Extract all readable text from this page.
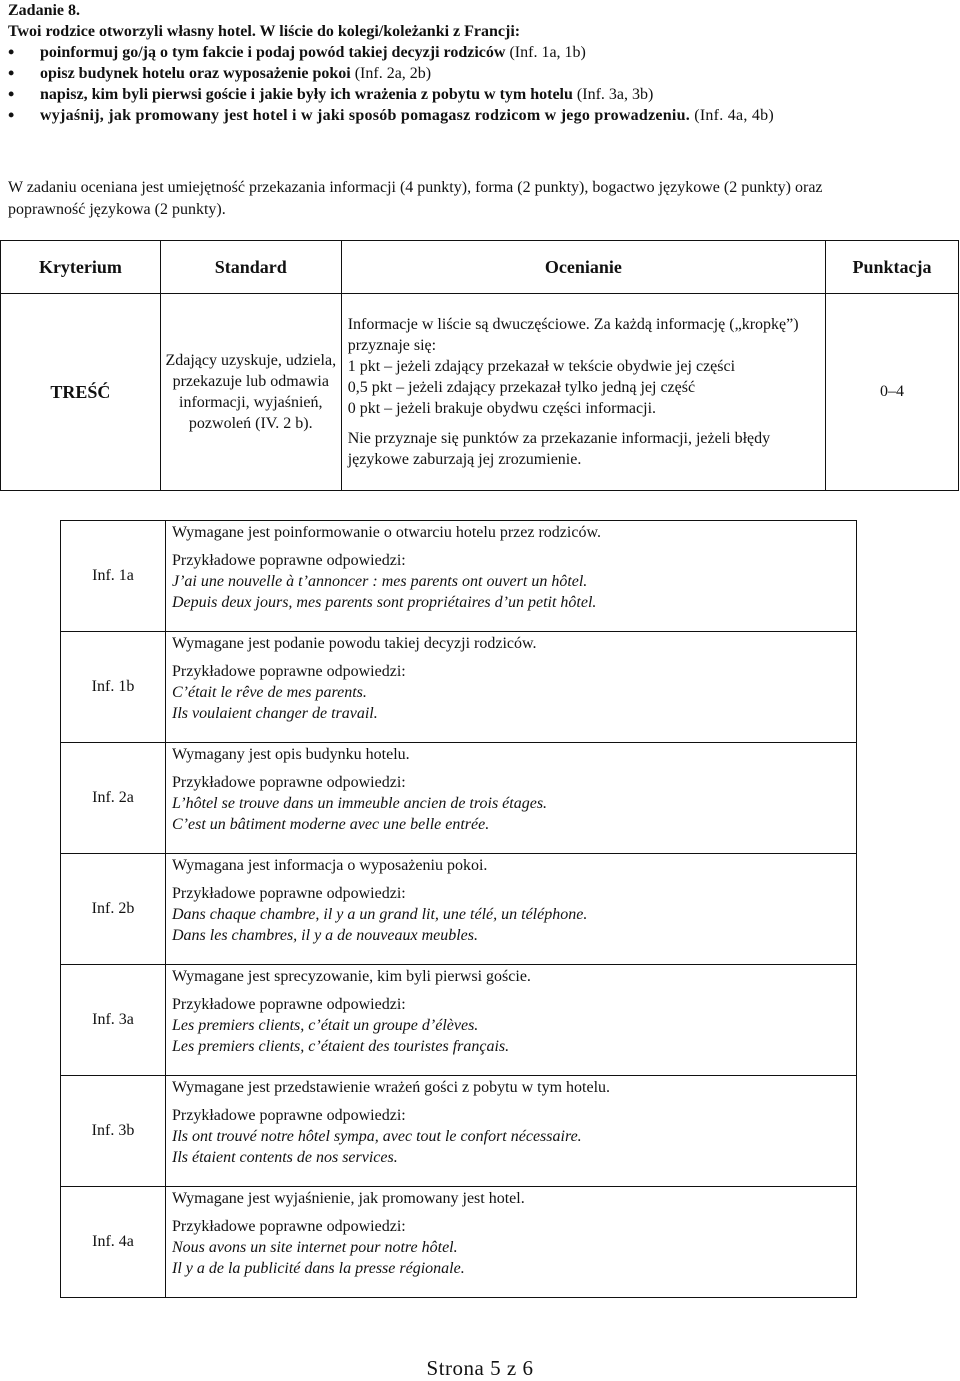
Zadanie 8.
Twoi rodzice otworzyli własny hotel. W liście do kolegi/koleżanki z Francji:
• poinformuj go/ją o tym fakcie i podaj powód takiej decyzji rodziców (Inf. 1a, 1b)
• opisz budynek hotelu oraz wyposażenie pokoi (Inf. 2a, 2b)
• napisz, kim byli pierwsi goście i jakie były ich wrażenia z pobytu w tym hotelu (Inf. 3a, 3b)
• wyjaśnij, jak promowany jest hotel i w jaki sposób pomagasz rodzicom w jego prowadzeniu. (Inf. 4a, 4b)
W zadaniu oceniana jest umiejętność przekazania informacji (4 punkty), forma (2 punkty), bogactwo językowe (2 punkty) oraz poprawność językowa (2 punkty).
Kryterium	Standard	Ocenianie	Punktacja
TREŚĆ	Zdający uzyskuje, udziela, przekazuje lub odmawia informacji, wyjaśnień, pozwoleń (IV. 2 b).	Informacje w liście są dwuczęściowe. Za każdą informację („kropkę”) przyznaje się:
1 pkt – jeżeli zdający przekazał w tekście obydwie jej części
0,5 pkt – jeżeli zdający przekazał tylko jedną jej część
0 pkt – jeżeli brakuje obydwu części informacji.
Nie przyznaje się punktów za przekazanie informacji, jeżeli błędy językowe zaburzają jej zrozumienie.	0–4
Inf. 1a	Wymagane jest poinformowanie o otwarciu hotelu przez rodziców.
Przykładowe poprawne odpowiedzi:
J’ai une nouvelle à t’annoncer : mes parents ont ouvert un hôtel.
Depuis deux jours, mes parents sont propriétaires d’un petit hôtel.

Inf. 1b	Wymagane jest podanie powodu takiej decyzji rodziców.
Przykładowe poprawne odpowiedzi:
C’était le rêve de mes parents.
Ils voulaient changer de travail.

Inf. 2a	Wymagany jest opis budynku hotelu.
Przykładowe poprawne odpowiedzi:
L’hôtel se trouve dans un immeuble ancien de trois étages.
C’est un bâtiment moderne avec une belle entrée.

Inf. 2b	Wymagana jest informacja o wyposażeniu pokoi.
Przykładowe poprawne odpowiedzi:
Dans chaque chambre, il y a un grand lit, une télé, un téléphone.
Dans les chambres, il y a de nouveaux meubles.

Inf. 3a	Wymagane jest sprecyzowanie, kim byli pierwsi goście.
Przykładowe poprawne odpowiedzi:
Les premiers clients, c’était un groupe d’élèves.
Les premiers clients, c’étaient des touristes français.

Inf. 3b	Wymagane jest przedstawienie wrażeń gości z pobytu w tym hotelu.
Przykładowe poprawne odpowiedzi:
Ils ont trouvé notre hôtel sympa, avec tout le confort nécessaire.
Ils étaient contents de nos services.

Inf. 4a	Wymagane jest wyjaśnienie, jak promowany jest hotel.
Przykładowe poprawne odpowiedzi:
Nous avons un site internet pour notre hôtel.
Il y a de la publicité dans la presse régionale.
Strona 5 z 6
